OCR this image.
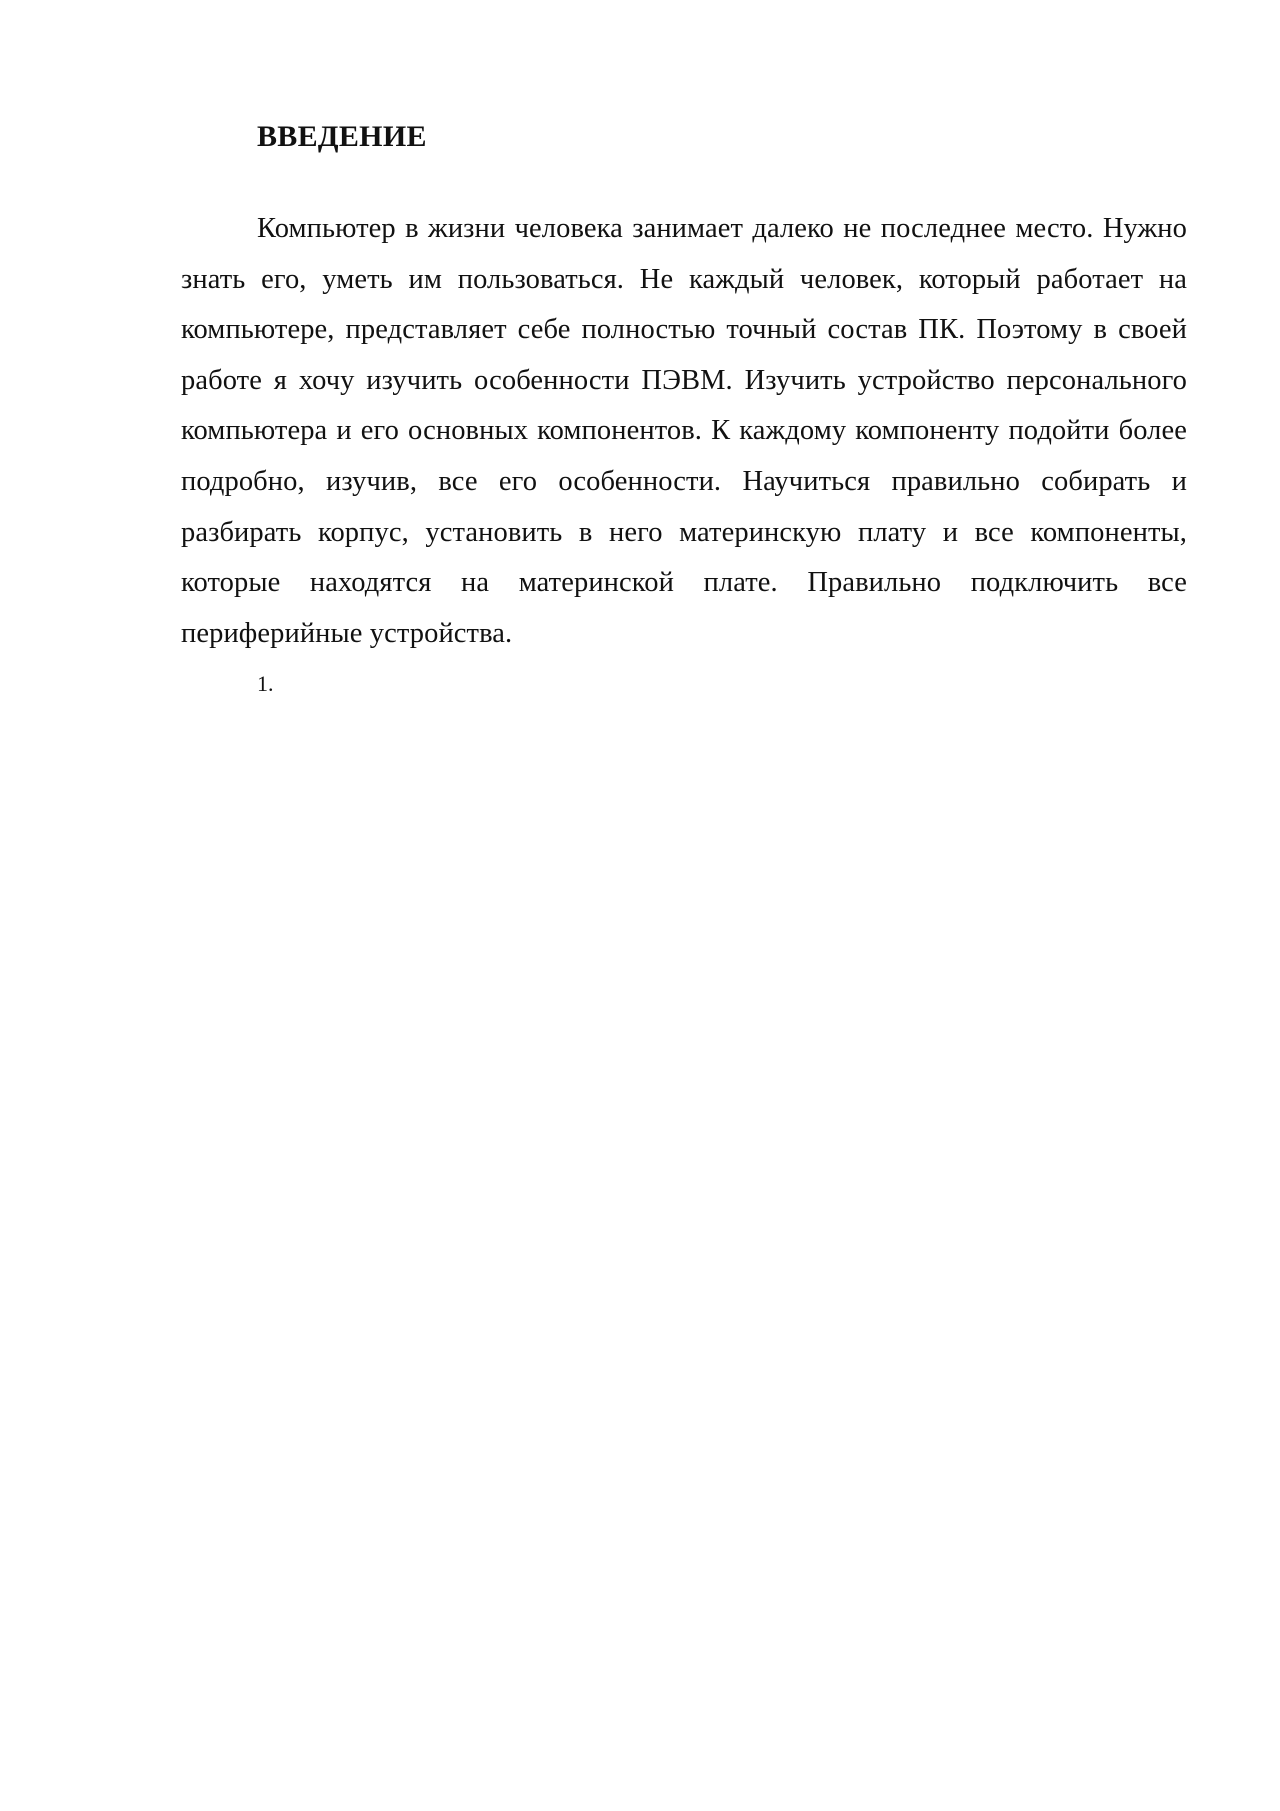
ВВЕДЕНИЕ

Компьютер в жизни человека занимает далеко не последнее место. Нужно знать его, уметь им пользоваться. Не каждый человек, который работает на компьютере, представляет себе полностью точный состав ПК. Поэтому в своей работе я хочу изучить особенности ПЭВМ. Изучить устройство персонального компьютера и его основных компонентов. К каждому компоненту подойти более подробно, изучив, все его особенности. Научиться правильно собирать и разбирать корпус, установить в него материнскую плату и все компоненты, которые находятся на материнской плате. Правильно подключить все периферийные устройства.

1.
